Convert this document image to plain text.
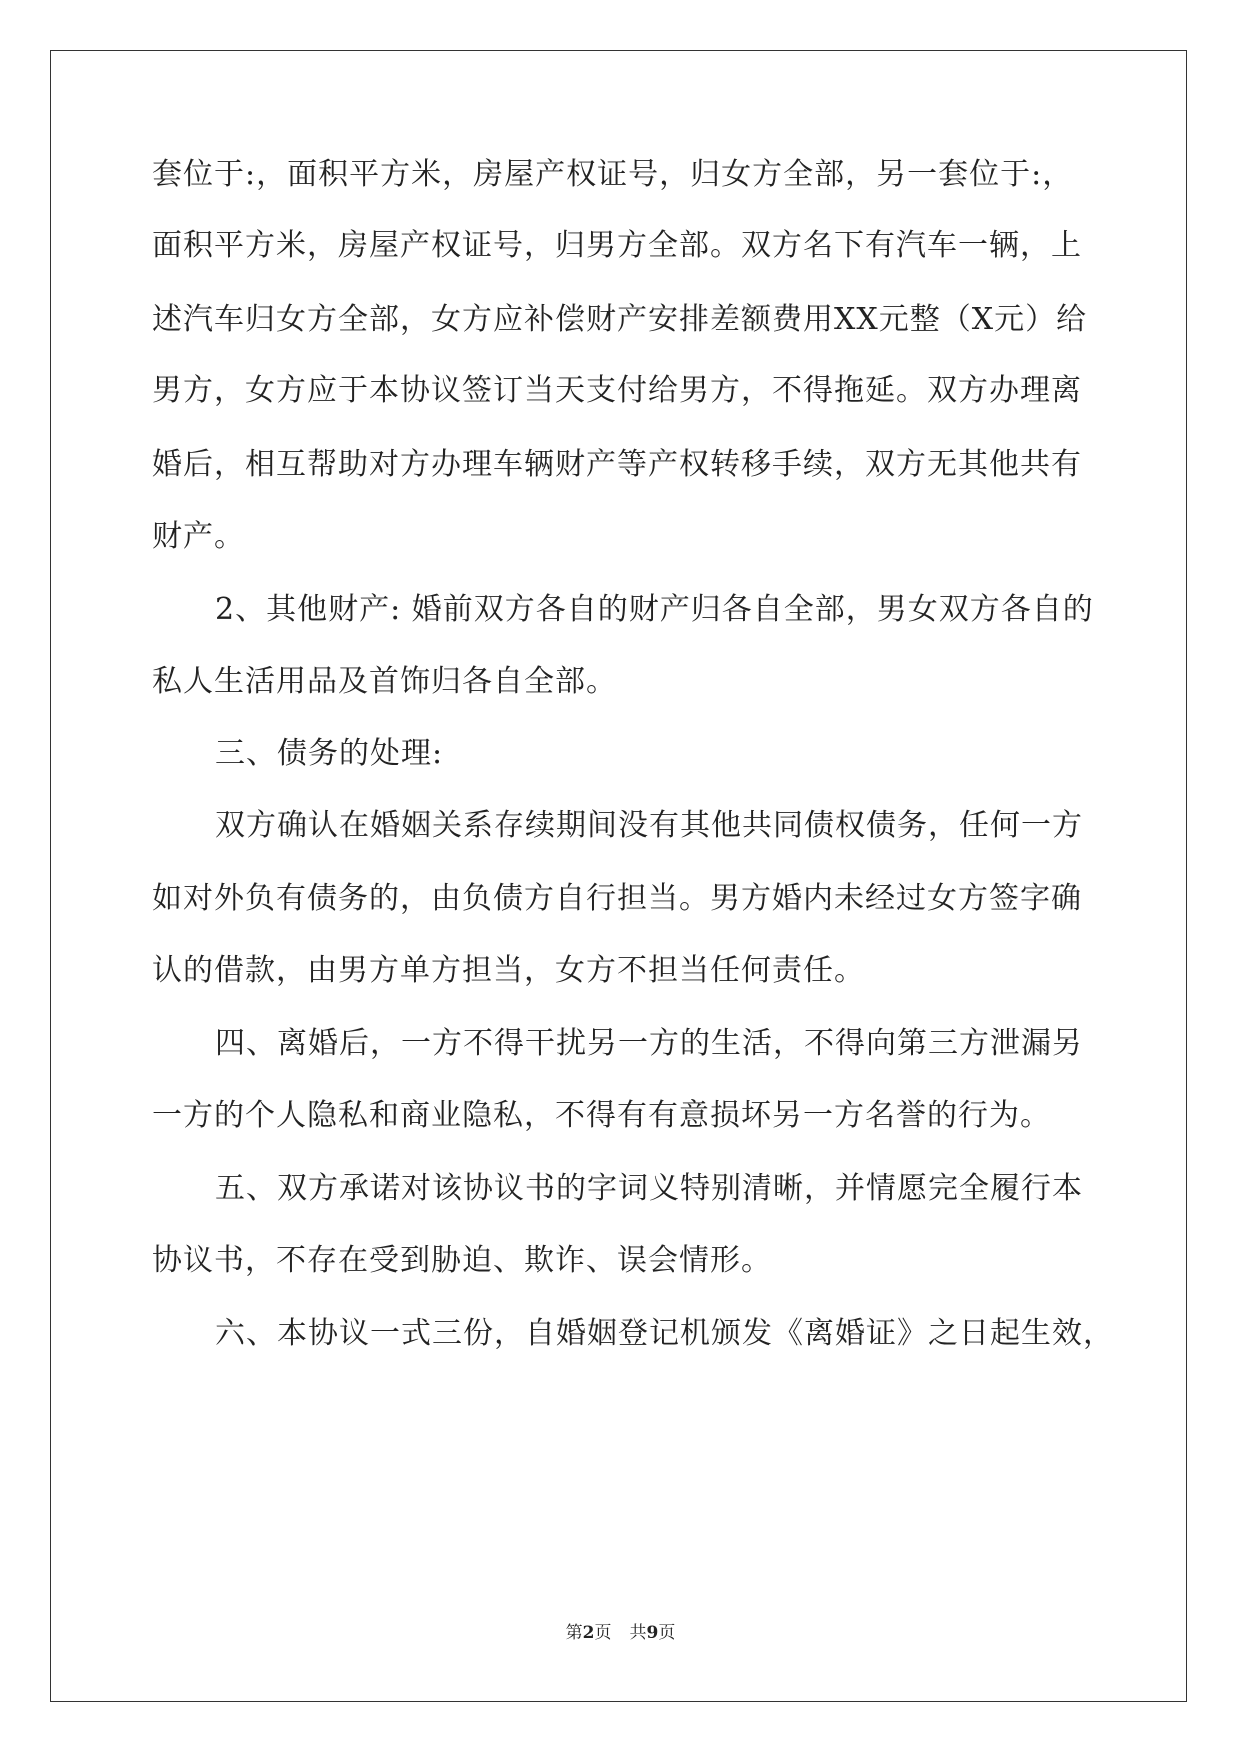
套位于:，面积平方米，房屋产权证号，归女方全部，另一套位于:，
面积平方米，房屋产权证号，归男方全部。双方名下有汽车一辆，上
述汽车归女方全部，女方应补偿财产安排差额费用XX元整（X元）给
男方，女方应于本协议签订当天支付给男方，不得拖延。双方办理离
婚后，相互帮助对方办理车辆财产等产权转移手续，双方无其他共有
财产。
2、其他财产: 婚前双方各自的财产归各自全部，男女双方各自的
私人生活用品及首饰归各自全部。
三、债务的处理:
双方确认在婚姻关系存续期间没有其他共同债权债务，任何一方
如对外负有债务的，由负债方自行担当。男方婚内未经过女方签字确
认的借款，由男方单方担当，女方不担当任何责任。
四、离婚后，一方不得干扰另一方的生活，不得向第三方泄漏另
一方的个人隐私和商业隐私，不得有有意损坏另一方名誉的行为。
五、双方承诺对该协议书的字词义特别清晰，并情愿完全履行本
协议书，不存在受到胁迫、欺诈、误会情形。
六、本协议一式三份，自婚姻登记机颁发《离婚证》之日起生效，
第2页 共9页
